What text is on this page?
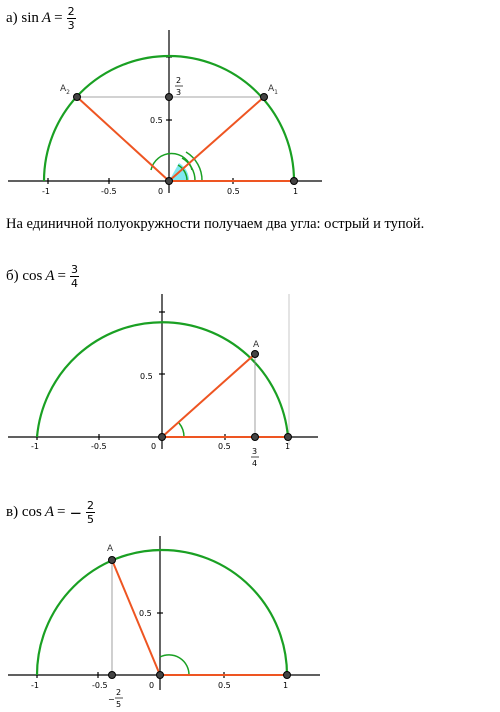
а) $\sin A = \frac{2}{3}$
-1	-0.5	0	0.5	1
0.5
2
3
$A_2$	$A_1$
На единичной полуокружности получаем два угла: острый и тупой.
б) $\cos A = \frac{3}{4}$
-1	-0.5	0	0.5	1
0.5
3
4
A
в) cos A = − $\frac{2}{5}$
-1	-0.5	0	0.5	1
0.5
−
2
5
A
